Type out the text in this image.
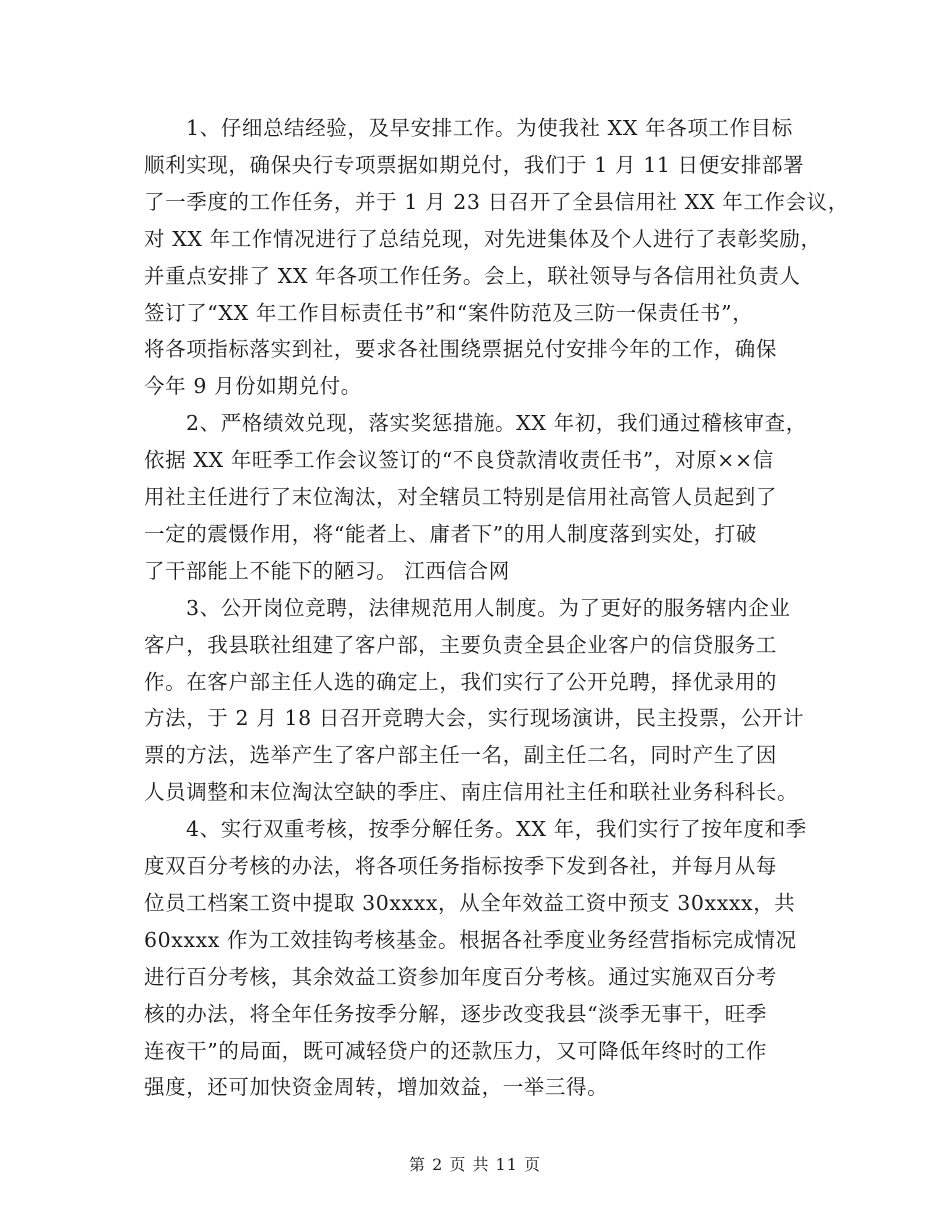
1、仔细总结经验，及早安排工作。为使我社 XX 年各项工作目标
顺利实现，确保央行专项票据如期兑付，我们于 1 月 11 日便安排部署
了一季度的工作任务，并于 1 月 23 日召开了全县信用社 XX 年工作会议，
对 XX 年工作情况进行了总结兑现，对先进集体及个人进行了表彰奖励，
并重点安排了 XX 年各项工作任务。会上，联社领导与各信用社负责人
签订了“XX 年工作目标责任书”和“案件防范及三防一保责任书”，
将各项指标落实到社，要求各社围绕票据兑付安排今年的工作，确保
今年 9 月份如期兑付。
2、严格绩效兑现，落实奖惩措施。XX 年初，我们通过稽核审查，
依据 XX 年旺季工作会议签订的“不良贷款清收责任书”，对原××信
用社主任进行了末位淘汰，对全辖员工特别是信用社高管人员起到了
一定的震慑作用，将“能者上、庸者下”的用人制度落到实处，打破
了干部能上不能下的陋习。 江西信合网
3、公开岗位竞聘，法律规范用人制度。为了更好的服务辖内企业
客户，我县联社组建了客户部，主要负责全县企业客户的信贷服务工
作。在客户部主任人选的确定上，我们实行了公开兑聘，择优录用的
方法，于 2 月 18 日召开竞聘大会，实行现场演讲，民主投票，公开计
票的方法，选举产生了客户部主任一名，副主任二名，同时产生了因
人员调整和末位淘汰空缺的季庄、南庄信用社主任和联社业务科科长。
4、实行双重考核，按季分解任务。XX 年，我们实行了按年度和季
度双百分考核的办法，将各项任务指标按季下发到各社，并每月从每
位员工档案工资中提取 30xxxx，从全年效益工资中预支 30xxxx，共
60xxxx 作为工效挂钩考核基金。根据各社季度业务经营指标完成情况
进行百分考核，其余效益工资参加年度百分考核。通过实施双百分考
核的办法，将全年任务按季分解，逐步改变我县“淡季无事干，旺季
连夜干”的局面，既可减轻贷户的还款压力，又可降低年终时的工作
强度，还可加快资金周转，增加效益，一举三得。
第 2 页 共 11 页
